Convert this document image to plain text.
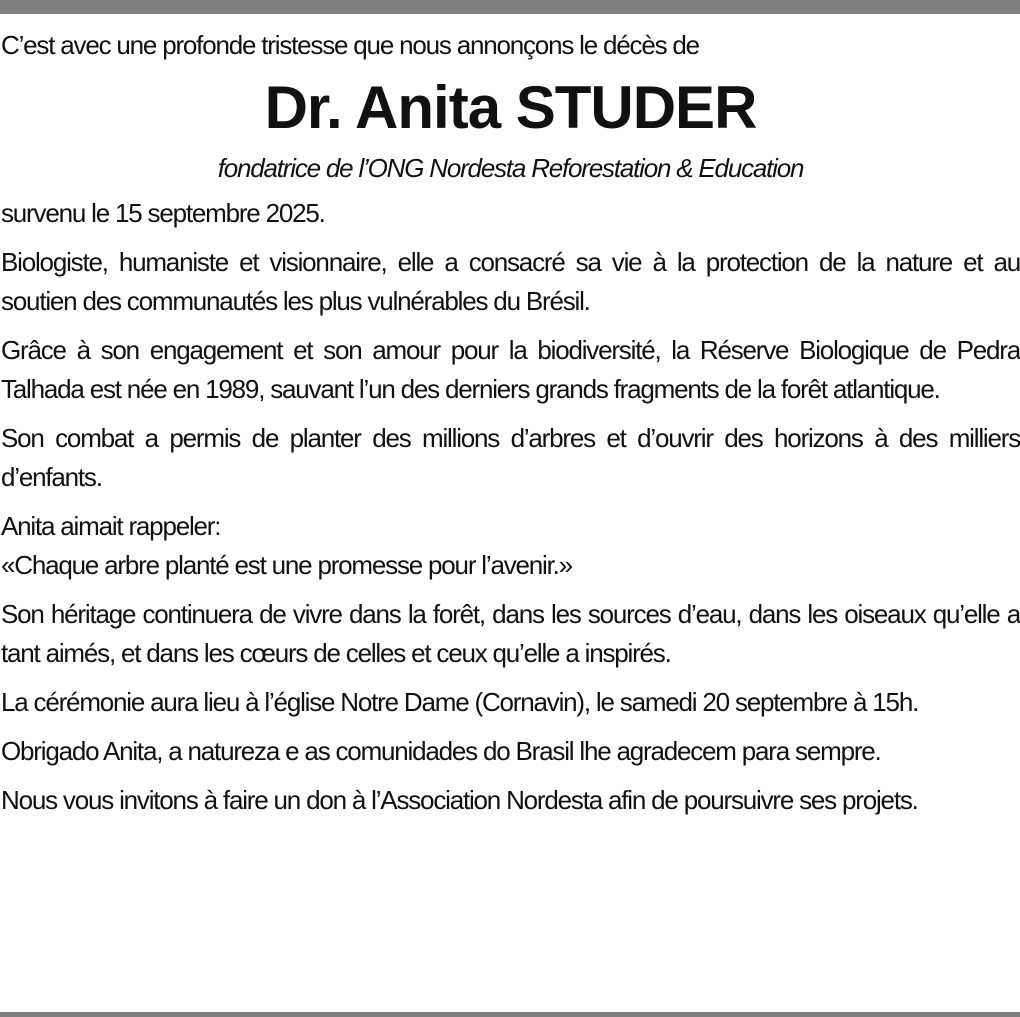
C’est avec une profonde tristesse que nous annonçons le décès de

Dr. Anita STUDER

fondatrice de l’ONG Nordesta Reforestation & Education

survenu le 15 septembre 2025.

Biologiste, humaniste et visionnaire, elle a consacré sa vie à la protection de la nature et au soutien des communautés les plus vulnérables du Brésil.

Grâce à son engagement et son amour pour la biodiversité, la Réserve Biologique de Pedra Talhada est née en 1989, sauvant l’un des derniers grands fragments de la forêt atlantique.

Son combat a permis de planter des millions d’arbres et d’ouvrir des horizons à des milliers d’enfants.

Anita aimait rappeler:
«Chaque arbre planté est une promesse pour l’avenir.»

Son héritage continuera de vivre dans la forêt, dans les sources d’eau, dans les oiseaux qu’elle a tant aimés, et dans les cœurs de celles et ceux qu’elle a inspirés.

La cérémonie aura lieu à l’église Notre Dame (Cornavin), le samedi 20 septembre à 15h.

Obrigado Anita, a natureza e as comunidades do Brasil lhe agradecem para sempre.

Nous vous invitons à faire un don à l’Association Nordesta afin de poursuivre ses projets.
